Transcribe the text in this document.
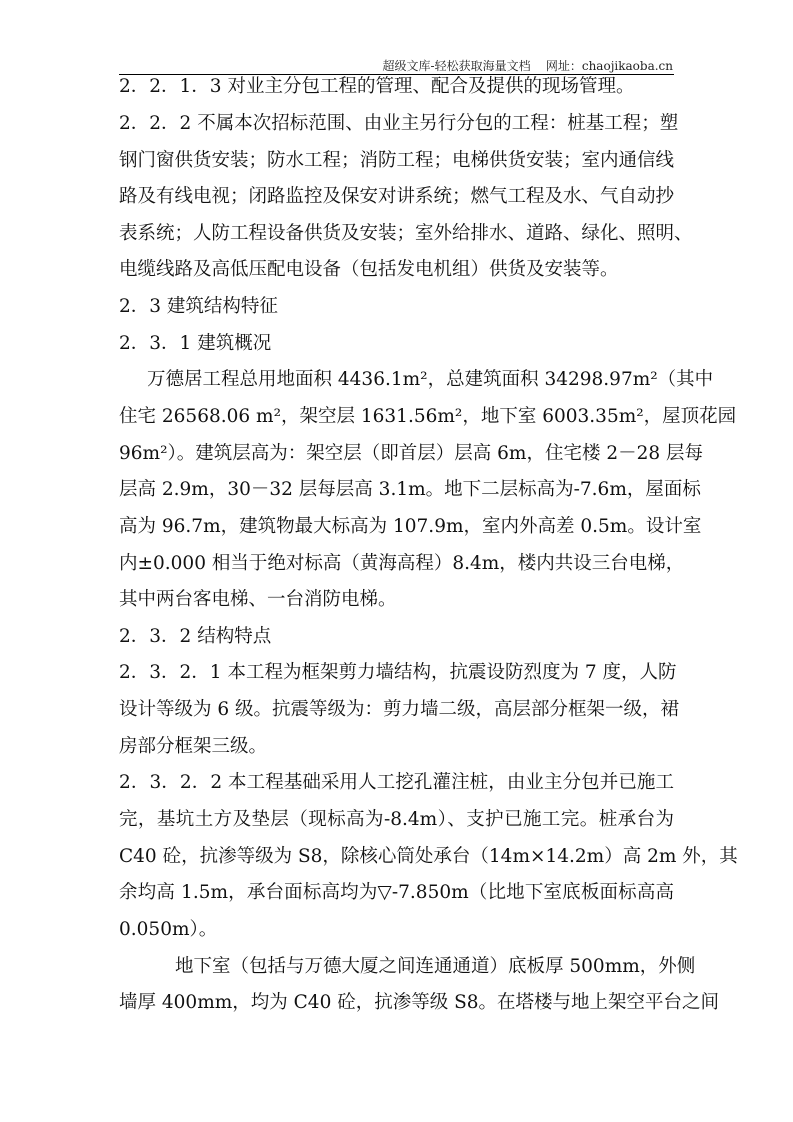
超级文库-轻松获取海量文档 网址：chaojikaoba.cn
2．2．1．3 对业主分包工程的管理、配合及提供的现场管理。
2．2．2 不属本次招标范围、由业主另行分包的工程：桩基工程；塑
钢门窗供货安装；防水工程；消防工程；电梯供货安装；室内通信线
路及有线电视；闭路监控及保安对讲系统；燃气工程及水、气自动抄
表系统；人防工程设备供货及安装；室外给排水、道路、绿化、照明、
电缆线路及高低压配电设备（包括发电机组）供货及安装等。
2．3 建筑结构特征
2．3．1 建筑概况
万德居工程总用地面积 4436.1m²，总建筑面积 34298.97m²（其中
住宅 26568.06 m²，架空层 1631.56m²，地下室 6003.35m²，屋顶花园
96m²）。建筑层高为：架空层（即首层）层高 6m，住宅楼 2－28 层每
层高 2.9m，30－32 层每层高 3.1m。地下二层标高为-7.6m，屋面标
高为 96.7m，建筑物最大标高为 107.9m，室内外高差 0.5m。设计室
内±0.000 相当于绝对标高（黄海高程）8.4m，楼内共设三台电梯，
其中两台客电梯、一台消防电梯。
2．3．2 结构特点
2．3．2．1 本工程为框架剪力墙结构，抗震设防烈度为 7 度，人防
设计等级为 6 级。抗震等级为：剪力墙二级，高层部分框架一级，裙
房部分框架三级。
2．3．2．2 本工程基础采用人工挖孔灌注桩，由业主分包并已施工
完，基坑土方及垫层（现标高为-8.4m）、支护已施工完。桩承台为
C40 砼，抗渗等级为 S8，除核心筒处承台（14m×14.2m）高 2m 外，其
余均高 1.5m，承台面标高均为▽-7.850m（比地下室底板面标高高
0.050m）。
地下室（包括与万德大厦之间连通通道）底板厚 500mm，外侧
墙厚 400mm，均为 C40 砼，抗渗等级 S8。在塔楼与地上架空平台之间
